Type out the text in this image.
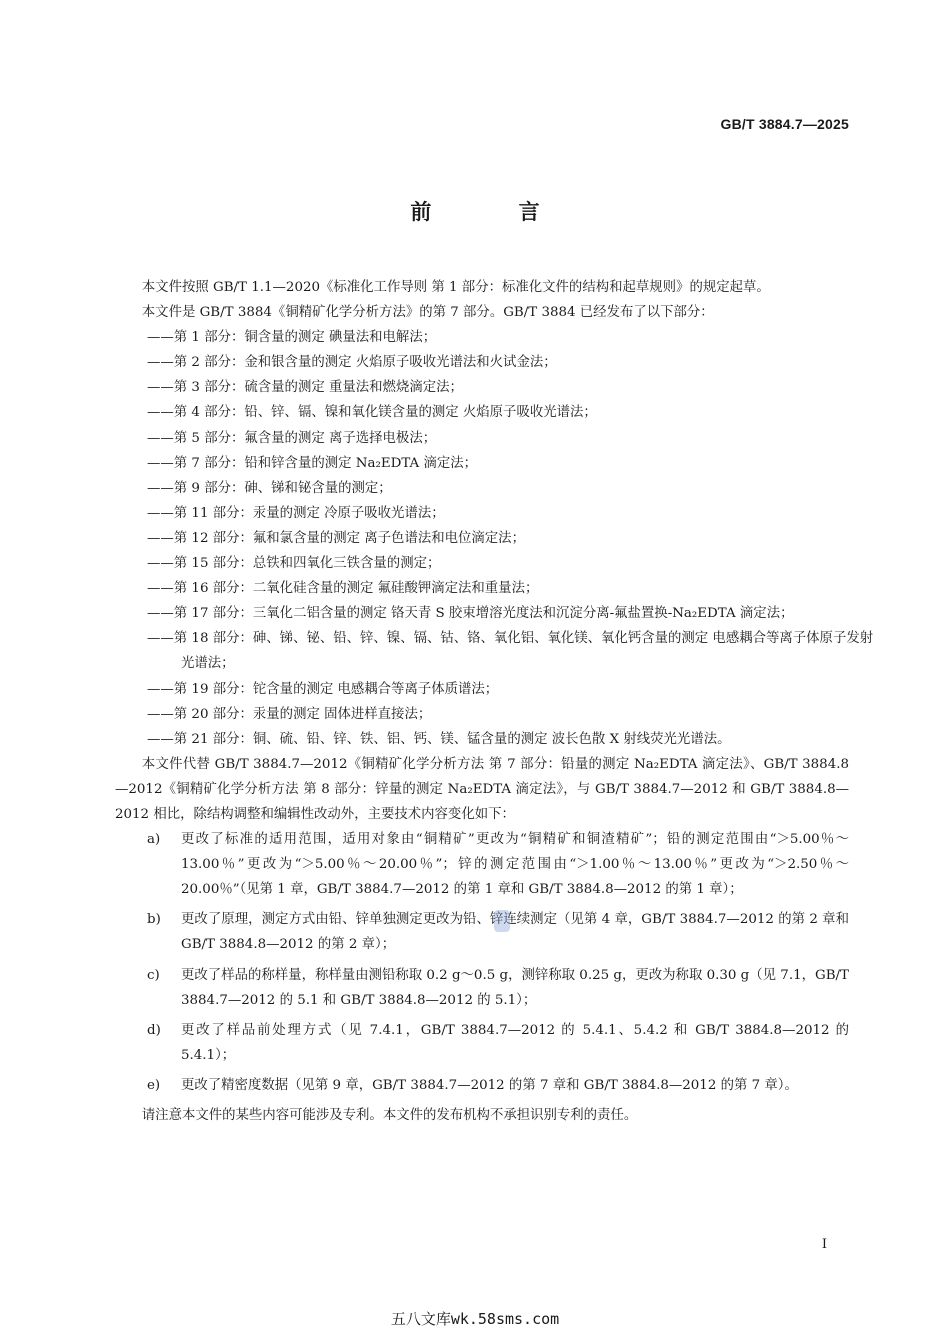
GB/T 3884.7—2025
前 言

本文件按照 GB/T 1.1—2020《标准化工作导则 第 1 部分：标准化文件的结构和起草规则》的规定起草。

本文件是 GB/T 3884《铜精矿化学分析方法》的第 7 部分。GB/T 3884 已经发布了以下部分：

——第 1 部分：铜含量的测定 碘量法和电解法；

——第 2 部分：金和银含量的测定 火焰原子吸收光谱法和火试金法；

——第 3 部分：硫含量的测定 重量法和燃烧滴定法；

——第 4 部分：铅、锌、镉、镍和氧化镁含量的测定 火焰原子吸收光谱法；

——第 5 部分：氟含量的测定 离子选择电极法；

——第 7 部分：铅和锌含量的测定 Na₂EDTA 滴定法；

——第 9 部分：砷、锑和铋含量的测定；

——第 11 部分：汞量的测定 冷原子吸收光谱法；

——第 12 部分：氟和氯含量的测定 离子色谱法和电位滴定法；

——第 15 部分：总铁和四氧化三铁含量的测定；

——第 16 部分：二氧化硅含量的测定 氟硅酸钾滴定法和重量法；

——第 17 部分：三氧化二铝含量的测定 铬天青 S 胶束增溶光度法和沉淀分离-氟盐置换-Na₂EDTA 滴定法；

——第 18 部分：砷、锑、铋、铅、锌、镍、镉、钴、铬、氧化铝、氧化镁、氧化钙含量的测定 电感耦合等离子体原子发射光谱法；

——第 19 部分：铊含量的测定 电感耦合等离子体质谱法；

——第 20 部分：汞量的测定 固体进样直接法；

——第 21 部分：铜、硫、铅、锌、铁、铝、钙、镁、锰含量的测定 波长色散 X 射线荧光光谱法。

本文件代替 GB/T 3884.7—2012《铜精矿化学分析方法 第 7 部分：铅量的测定 Na₂EDTA 滴定法》、GB/T 3884.8—2012《铜精矿化学分析方法 第 8 部分：锌量的测定 Na₂EDTA 滴定法》，与 GB/T 3884.7—2012 和 GB/T 3884.8—2012 相比，除结构调整和编辑性改动外，主要技术内容变化如下：

a) 更改了标准的适用范围，适用对象由“铜精矿”更改为“铜精矿和铜渣精矿”；铅的测定范围由“＞5.00％～13.00％”更改为“＞5.00％～20.00％”；锌的测定范围由“＞1.00％～13.00％”更改为“＞2.50％～20.00％”（见第 1 章，GB/T 3884.7—2012 的第 1 章和 GB/T 3884.8—2012 的第 1 章）；
b) 更改了原理，测定方式由铅、锌单独测定更改为铅、锌连续测定（见第 4 章，GB/T 3884.7—2012 的第 2 章和 GB/T 3884.8—2012 的第 2 章）；
c) 更改了样品的称样量，称样量由测铅称取 0.2 g～0.5 g，测锌称取 0.25 g，更改为称取 0.30 g（见 7.1，GB/T 3884.7—2012 的 5.1 和 GB/T 3884.8—2012 的 5.1）；
d) 更改了样品前处理方式（见 7.4.1，GB/T 3884.7—2012 的 5.4.1、5.4.2 和 GB/T 3884.8—2012 的 5.4.1）；
e) 更改了精密度数据（见第 9 章，GB/T 3884.7—2012 的第 7 章和 GB/T 3884.8—2012 的第 7 章）。

请注意本文件的某些内容可能涉及专利。本文件的发布机构不承担识别专利的责任。

I
五八文库wk.58sms.com
